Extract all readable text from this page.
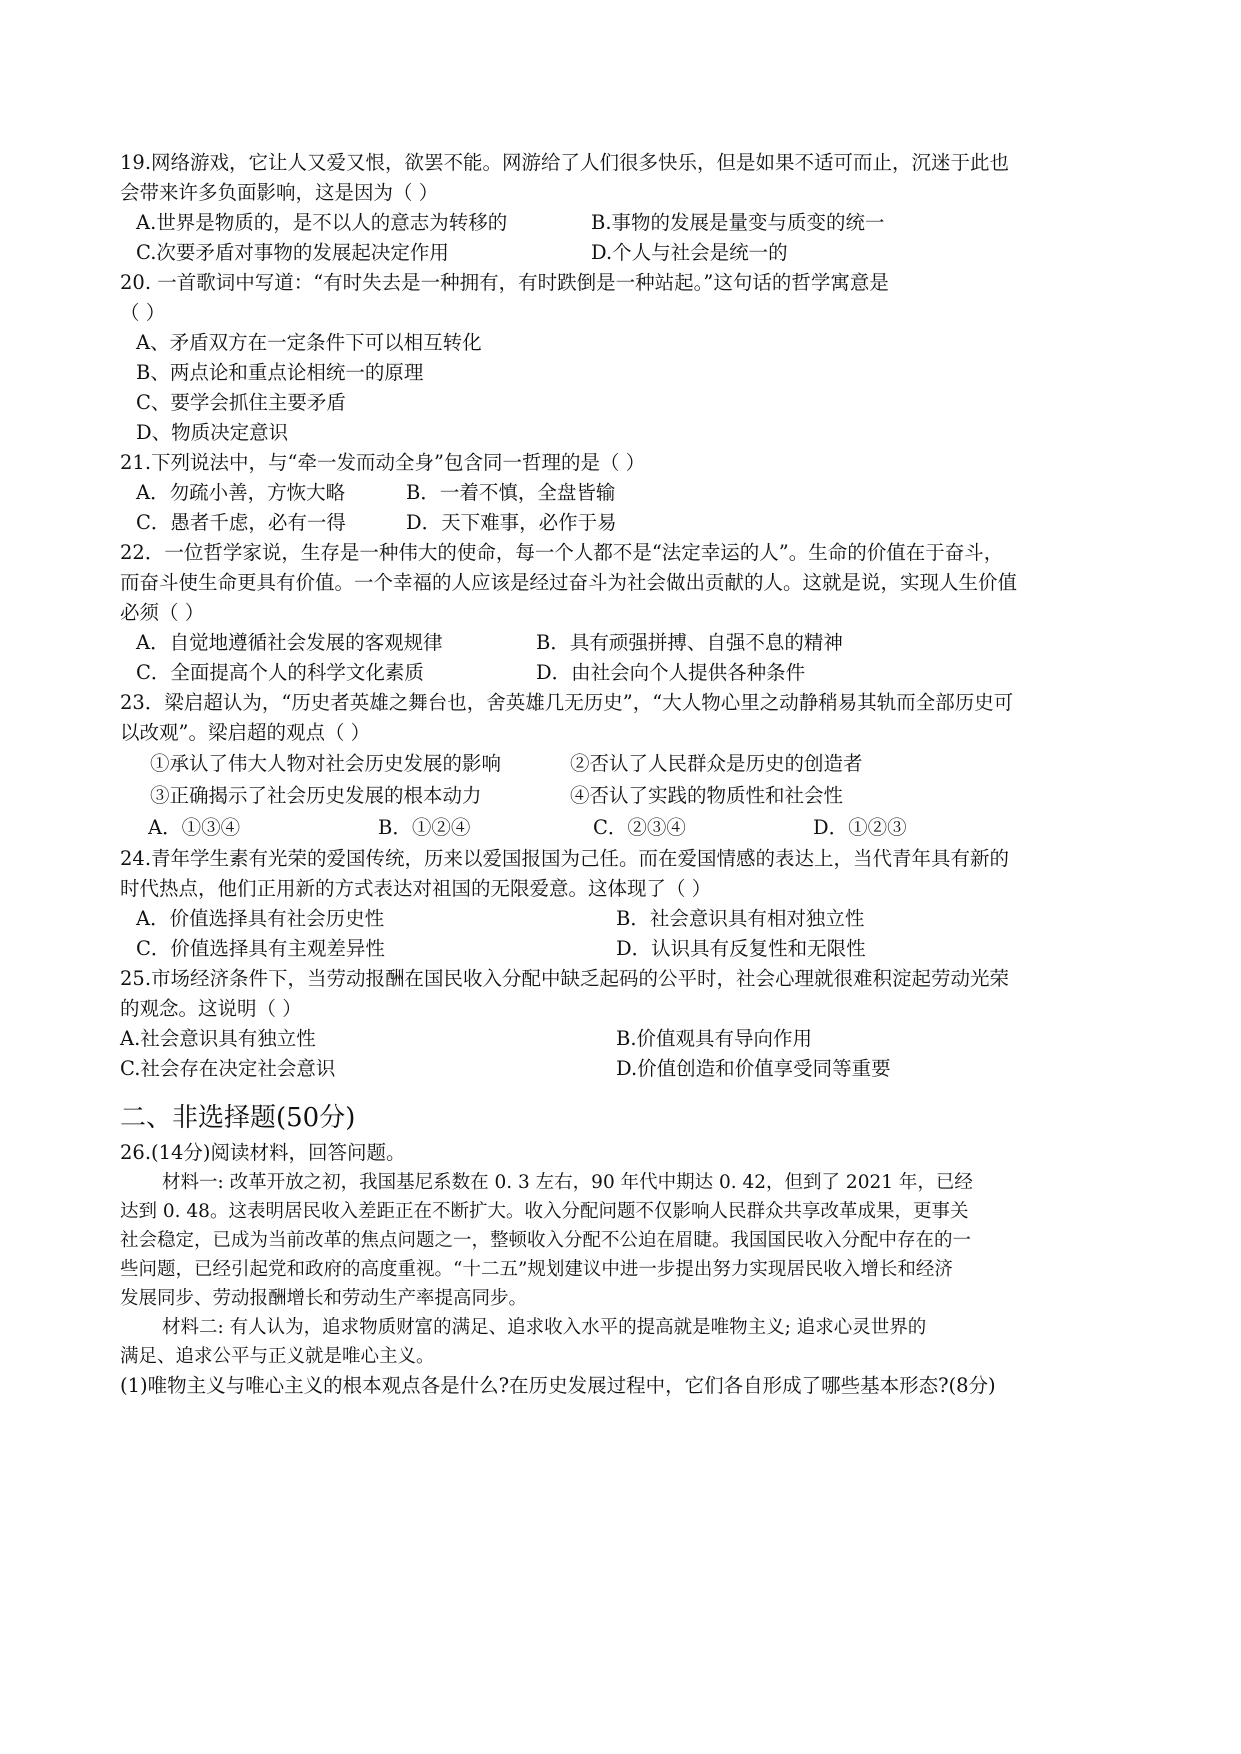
19.网络游戏，它让人又爱又恨，欲罢不能。网游给了人们很多快乐，但是如果不适可而止，沉迷于此也
会带来许多负面影响，这是因为（ ）
A.世界是物质的，是不以人的意志为转移的	B.事物的发展是量变与质变的统一
C.次要矛盾对事物的发展起决定作用	D.个人与社会是统一的
20. 一首歌词中写道：“有时失去是一种拥有，有时跌倒是一种站起。”这句话的哲学寓意是
（ ）
A、矛盾双方在一定条件下可以相互转化
B、两点论和重点论相统一的原理
C、要学会抓住主要矛盾
D、物质决定意识
21.下列说法中，与“牵一发而动全身”包含同一哲理的是（ ）
A．勿疏小善，方恢大略	B．一着不慎，全盘皆输
C．愚者千虑，必有一得	D．天下难事，必作于易
22．一位哲学家说，生存是一种伟大的使命，每一个人都不是“法定幸运的人”。生命的价值在于奋斗，
而奋斗使生命更具有价值。一个幸福的人应该是经过奋斗为社会做出贡献的人。这就是说，实现人生价值
必须（ ）
A．自觉地遵循社会发展的客观规律	B．具有顽强拼搏、自强不息的精神
C．全面提高个人的科学文化素质	D．由社会向个人提供各种条件
23．梁启超认为，“历史者英雄之舞台也，舍英雄几无历史”，“大人物心里之动静稍易其轨而全部历史可
以改观”。梁启超的观点（ ）
①承认了伟大人物对社会历史发展的影响	②否认了人民群众是历史的创造者
③正确揭示了社会历史发展的根本动力	④否认了实践的物质性和社会性
A．①③④	B．①②④	C．②③④	D．①②③
24.青年学生素有光荣的爱国传统，历来以爱国报国为己任。而在爱国情感的表达上，当代青年具有新的
时代热点，他们正用新的方式表达对祖国的无限爱意。这体现了（ ）
A．价值选择具有社会历史性	B．社会意识具有相对独立性
C．价值选择具有主观差异性	D．认识具有反复性和无限性
25.市场经济条件下，当劳动报酬在国民收入分配中缺乏起码的公平时，社会心理就很难积淀起劳动光荣
的观念。这说明（ ）
A.社会意识具有独立性	B.价值观具有导向作用
C.社会存在决定社会意识	D.价值创造和价值享受同等重要
二、非选择题(50分)
26.(14分)阅读材料，回答问题。
材料一: 改革开放之初，我国基尼系数在 0. 3 左右，90 年代中期达 0. 42，但到了 2021 年，已经
达到 0. 48。这表明居民收入差距正在不断扩大。收入分配问题不仅影响人民群众共享改革成果，更事关
社会稳定，已成为当前改革的焦点问题之一，整顿收入分配不公迫在眉睫。我国国民收入分配中存在的一
些问题，已经引起党和政府的高度重视。“十二五”规划建议中进一步提出努力实现居民收入增长和经济
发展同步、劳动报酬增长和劳动生产率提高同步。
材料二: 有人认为，追求物质财富的满足、追求收入水平的提高就是唯物主义; 追求心灵世界的
满足、追求公平与正义就是唯心主义。
(1)唯物主义与唯心主义的根本观点各是什么?在历史发展过程中，它们各自形成了哪些基本形态?(8分)
